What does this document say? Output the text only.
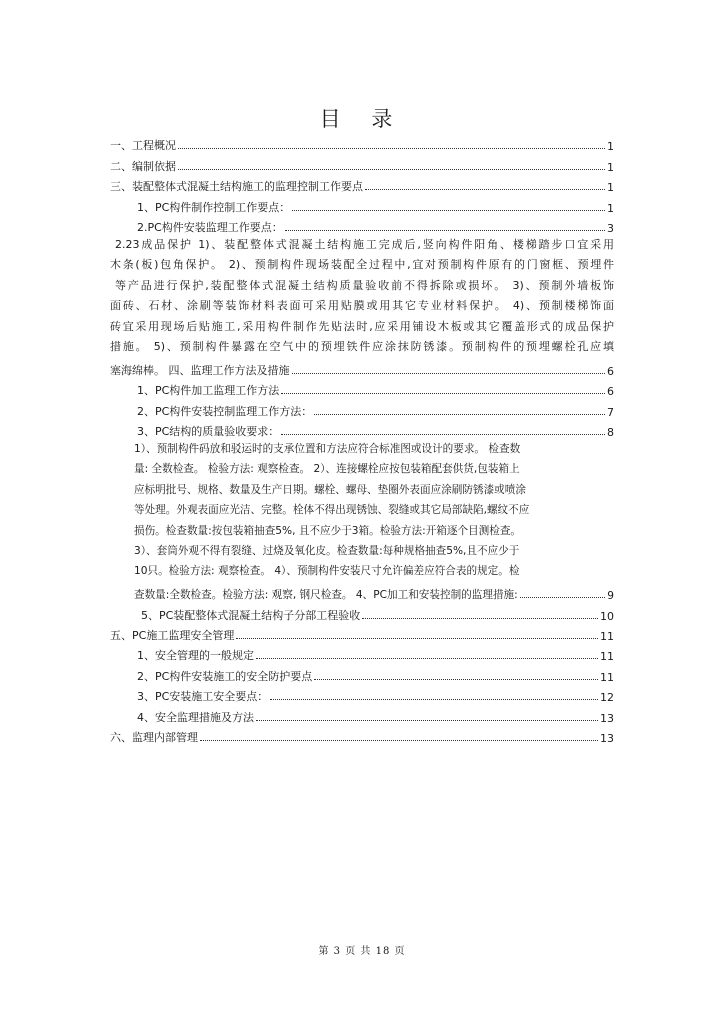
目 录
一、工程概况	1
二、编制依据	1
三、装配整体式混凝土结构施工的监理控制工作要点	1
1、PC构件制作控制工作要点：	1
2.PC构件安装监理工作要点：	3
2.23成品保护 1)、装配整体式混凝土结构施工完成后,竖向构件阳角、楼梯踏步口宜采用
木条(板)包角保护。 2)、预制构件现场装配全过程中,宜对预制构件原有的门窗框、预埋件
等产品进行保护,装配整体式混凝土结构质量验收前不得拆除或损坏。 3)、预制外墙板饰
面砖、石材、涂刷等装饰材料表面可采用贴膜或用其它专业材料保护。 4)、预制楼梯饰面
砖宜采用现场后贴施工,采用构件制作先贴法时,应采用铺设木板或其它覆盖形式的成品保护
措施。 5)、预制构件暴露在空气中的预埋铁件应涂抹防锈漆。预制构件的预埋螺栓孔应填
塞海绵棒。 四、监理工作方法及措施	6
1、PC构件加工监理工作方法	6
2、PC构件安装控制监理工作方法：	7
3、PC结构的质量验收要求：	8
1）、预制构件码放和驳运时的支承位置和方法应符合标准图或设计的要求。 检查数
量: 全数检查。 检验方法: 观察检查。 2）、连接螺栓应按包装箱配套供货,包装箱上
应标明批号、规格、数量及生产日期。螺栓、螺母、垫圈外表面应涂刷防锈漆或喷涂
等处理。外观表面应光洁、完整。栓体不得出现锈蚀、裂缝或其它局部缺陷,螺纹不应
损伤。检查数量:按包装箱抽查5%, 且不应少于3箱。检验方法:开箱逐个目测检查。
3）、套筒外观不得有裂缝、过烧及氧化皮。检查数量:每种规格抽查5%,且不应少于
10只。检验方法: 观察检查。 4）、预制构件安装尺寸允许偏差应符合表的规定。检
查数量:全数检查。检验方法: 观察, 钢尺检查。 4、PC加工和安装控制的监理措施:	9
5、PC装配整体式混凝土结构子分部工程验收	10
五、PC施工监理安全管理	11
1、安全管理的一般规定	11
2、PC构件安装施工的安全防护要点	11
3、PC安装施工安全要点：	12
4、安全监理措施及方法	13
六、监理内部管理	13
第 3 页 共 18 页
